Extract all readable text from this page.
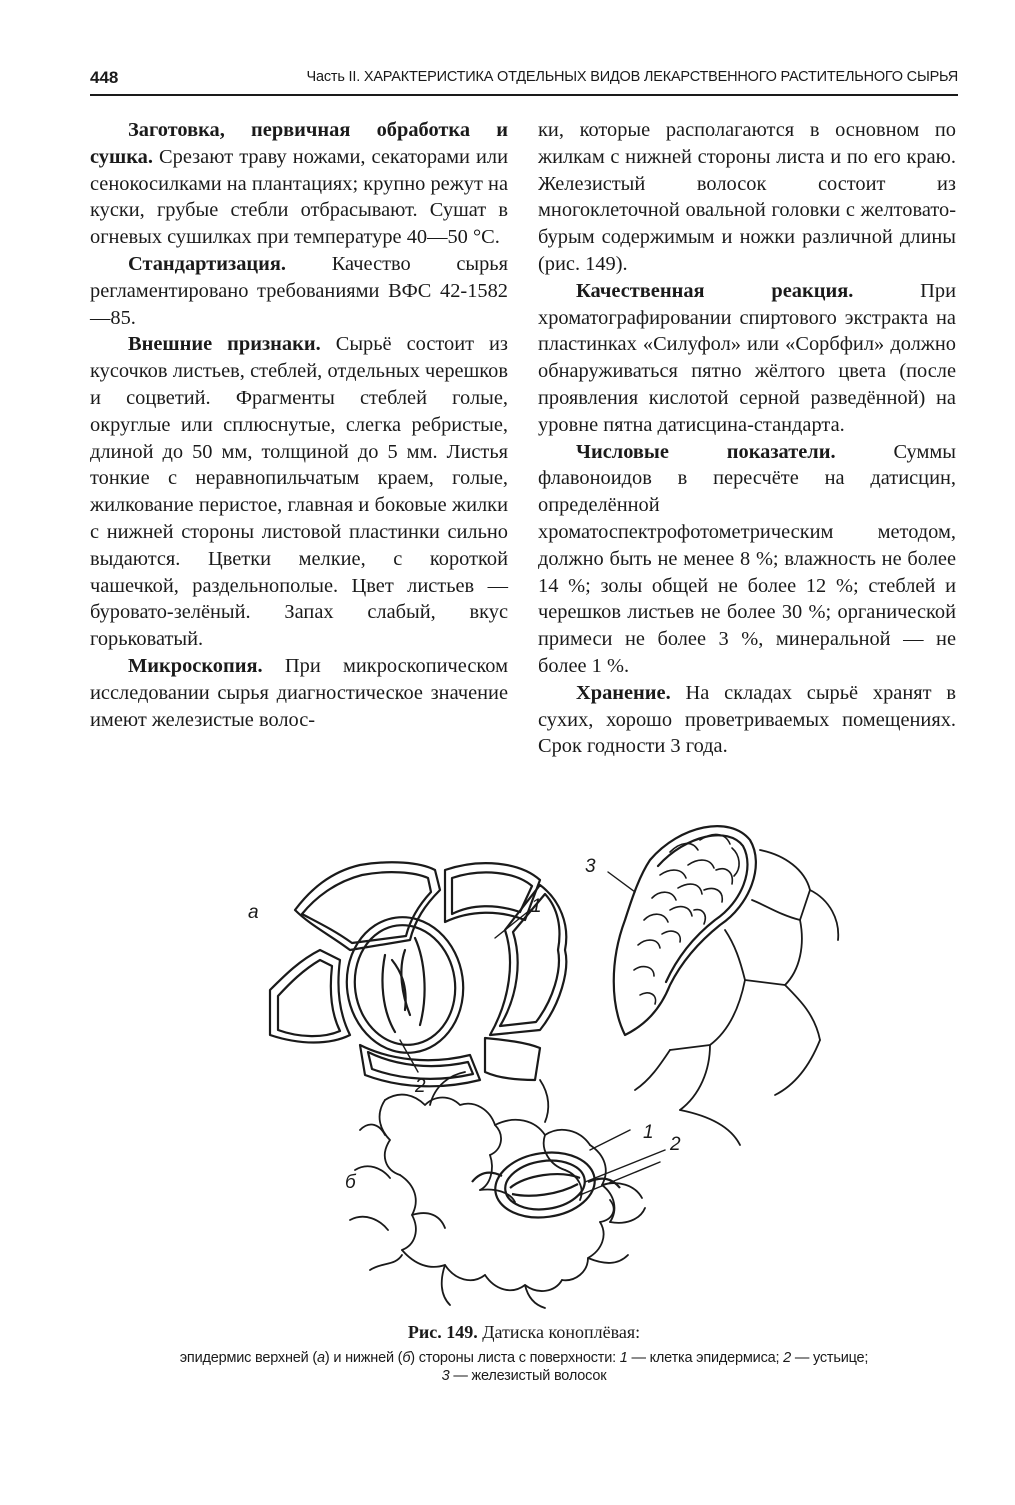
448	Часть II. ХАРАКТЕРИСТИКА ОТДЕЛЬНЫХ ВИДОВ ЛЕКАРСТВЕННОГО РАСТИТЕЛЬНОГО СЫРЬЯ

Заготовка, первичная обработка и сушка. Срезают траву ножами, секаторами или сенокосилками на плантациях; крупно режут на куски, грубые стебли отбрасывают. Сушат в огневых сушилках при температуре 40—50 °С.

Стандартизация. Качество сырья регламентировано требованиями ВФС 42-1582—85.

Внешние признаки. Сырьё состоит из кусочков листьев, стеблей, отдельных черешков и соцветий. Фрагменты стеблей голые, округлые или сплюснутые, слегка ребристые, длиной до 50 мм, толщиной до 5 мм. Листья тонкие с неравнопильчатым краем, голые, жилкование перистое, главная и боковые жилки с нижней стороны листовой пластинки сильно выдаются. Цветки мелкие, с короткой чашечкой, раздельнополые. Цвет листьев — буровато-зелёный. Запах слабый, вкус горьковатый.

Микроскопия. При микроскопическом исследовании сырья диагностическое значение имеют железистые волос-

ки, которые располагаются в основном по жилкам с нижней стороны листа и по его краю. Железистый волосок состоит из многоклеточной овальной головки с желтовато-бурым содержимым и ножки различной длины (рис. 149).

Качественная реакция.	При хроматографировании спиртового экстракта на пластинках «Силуфол» или «Сорбфил» должно обнаруживаться пятно жёлтого цвета (после проявления кислотой серной разведённой) на уровне пятна датисцина-стандарта.

Числовые показатели.	Суммы флавоноидов в пересчёте на датисцин, определённой хроматоспектрофотометрическим методом, должно быть не менее 8 %; влажность не более 14 %; золы общей не более 12 %; стеблей и черешков листьев не более 30 %; органической примеси не более 3 %, минеральной — не более 1 %.

Хранение. На складах сырьё хранят в сухих, хорошо проветриваемых помещениях. Срок годности 3 года.

а	1
2
3
1
2
б
Рис. 149. Датиска коноплёвая:
эпидермис верхней (а) и нижней (б) стороны листа с поверхности: 1 — клетка эпидермиса; 2 — устьице;
3 — железистый волосок
